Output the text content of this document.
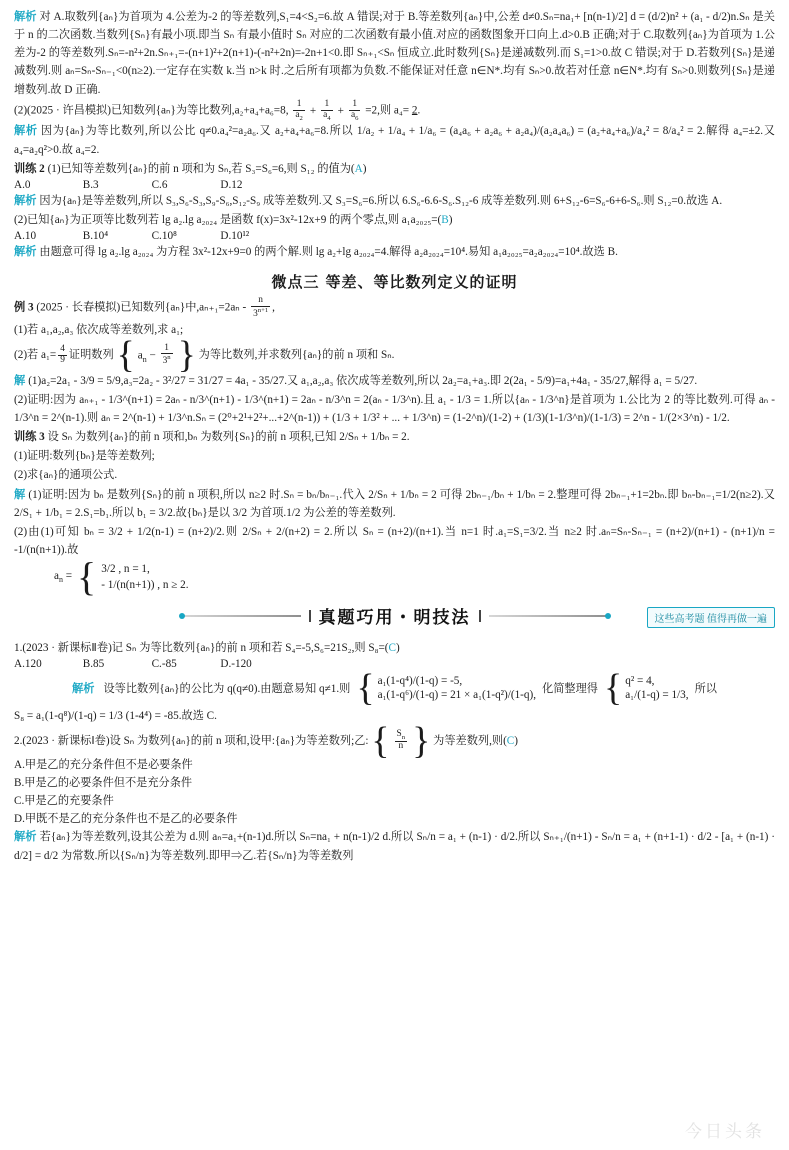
解析 对 A.取数列{aₙ}为首项为 4.公差为-2 的等差数列,S₁=4<S₂=6.故 A 错误;对于 B.等差数列{aₙ}中,公差 d≠0.Sₙ=na₁+ [n(n-1)/2] d = (d/2)n² + (a₁ - d/2)n.Sₙ 是关于 n 的二次函数.当数列{Sₙ}有最小项.即当 Sₙ 有最小值时 Sₙ 对应的二次函数有最小值.对应的函数图象开口向上.d>0.B 正确;对于 C.取数列{aₙ}为首项为 1.公差为-2 的等差数列.Sₙ=-n²+2n.Sₙ₊₁=-(n+1)²+2(n+1)-(-n²+2n)=-2n+1<0.即 Sₙ₊₁<Sₙ 恒成立.此时数列{Sₙ}是递减数列.而 S₁=1>0.故 C 错误;对于 D.若数列{Sₙ}是递减数列.则 aₙ=Sₙ-Sₙ₋₁<0(n≥2).一定存在实数 k.当 n>k 时.之后所有项都为负数.不能保证对任意 n∈N*.均有 Sₙ>0.故若对任意 n∈N*.均有 Sₙ>0.则数列{Sₙ}是递增数列.故 D 正确.
(2)(2025 · 许昌模拟)已知数列{aₙ}为等比数列,a₂+a₄+a₆=8, $\frac{1}{a_2} + \frac{1}{a_4} + \frac{1}{a_6} =2$,则 a₄= 2.
解析 因为{aₙ}为等比数列,所以公比 q≠0.a₄²=a₂a₆.又 a₂+a₄+a₆=8.所以 1/a₂ + 1/a₄ + 1/a₆ = (a₄a₆ + a₂a₆ + a₂a₄)/(a₂a₄a₆) = (a₂+a₄+a₆)/a₄² = 8/a₄² = 2.解得 a₄=±2.又 a₄=a₂q²>0.故 a₄=2.
训练 2 (1)已知等差数列{aₙ}的前 n 项和为 Sₙ,若 S₃=S₆=6,则 S₁₂ 的值为(A)
A.0	B.3	C.6	D.12
解析 因为{aₙ}是等差数列,所以 S₃,S₆-S₃,S₉-S₆,S₁₂-S₉ 成等差数列.又 S₃=S₆=6.所以 6.S₆-6.6-S₆.S₁₂-6 成等差数列.则 6+S₁₂-6=S₆-6+6-S₆.则 S₁₂=0.故选 A.
(2)已知{aₙ}为正项等比数列若 lg a₂.lg a₂₀₂₄ 是函数 f(x)=3x²-12x+9 的两个零点,则 a₁a₂₀₂₅=(B)
A.10	B.10⁴	C.10⁸	D.10¹²
解析 由题意可得 lg a₂.lg a₂₀₂₄ 为方程 3x²-12x+9=0 的两个解.则 lg a₂+lg a₂₀₂₄=4.解得 a₂a₂₀₂₄=10⁴.易知 a₁a₂₀₂₅=a₂a₂₀₂₄=10⁴.故选 B.
微点三 等差、等比数列定义的证明
例 3 (2025 · 长春模拟)已知数列{aₙ}中$,a_{n+1}=2a_n - \frac{n}{3^{n+1}}$ ,
(1)若 a₁,a₂,a₃ 依次成等差数列,求 a₁;
(2)若 $a_1= \frac{4}{9}$ 证明数列 { $a_n - \frac{1}{3^n}$ } 为等比数列,并求数列{aₙ}的前 n 项和 Sₙ.
解 (1)a₂=2a₁ - 3/9 = 5/9,a₃=2a₂ - 3²/27 = 31/27 = 4a₁ - 35/27.又 a₁,a₂,a₃ 依次成等差数列,所以 2a₂=a₁+a₃.即 2(2a₁ - 5/9)=a₁+4a₁ - 35/27,解得 a₁ = 5/27.
(2)证明:因为 aₙ₊₁ - 1/3^(n+1) = 2aₙ - n/3^(n+1) - 1/3^(n+1) = 2aₙ - n/3^n = 2(aₙ - 1/3^n).且 a₁ - 1/3 = 1.所以{aₙ - 1/3^n}是首项为 1.公比为 2 的等比数列.可得 aₙ - 1/3^n = 2^(n-1).则 aₙ = 2^(n-1) + 1/3^n.Sₙ = (2⁰+2¹+2²+...+2^(n-1)) + (1/3 + 1/3² + ... + 1/3^n) = (1-2^n)/(1-2) + (1/3)(1-1/3^n)/(1-1/3) = 2^n - 1/(2×3^n) - 1/2.
训练 3 设 Sₙ 为数列{aₙ}的前 n 项和,bₙ 为数列{Sₙ}的前 n 项积,已知 2/Sₙ + 1/bₙ = 2.
(1)证明:数列{bₙ}是等差数列;
(2)求{aₙ}的通项公式.
解 (1)证明:因为 bₙ 是数列{Sₙ}的前 n 项积,所以 n≥2 时.Sₙ = bₙ/bₙ₋₁.代入 2/Sₙ + 1/bₙ = 2 可得 2bₙ₋₁/bₙ + 1/bₙ = 2.整理可得 2bₙ₋₁+1=2bₙ.即 bₙ-bₙ₋₁=1/2(n≥2).又 2/S₁ + 1/b₁ = 2.S₁=b₁.所以 b₁ = 3/2.故{bₙ}是以 3/2 为首项.1/2 为公差的等差数列.
(2)由(1)可知 bₙ = 3/2 + 1/2(n-1) = (n+2)/2.则 2/Sₙ + 2/(n+2) = 2.所以 Sₙ = (n+2)/(n+1).当 n=1 时.a₁=S₁=3/2.当 n≥2 时.aₙ=Sₙ-Sₙ₋₁ = (n+2)/(n+1) - (n+1)/n = -1/(n(n+1)).故
$a_n$ = { 3/2 , n = 1,
- 1/(n(n+1)) , n ≥ 2.
真题巧用・明技法	这些高考题 值得再做一遍
1.(2023 · 新课标Ⅱ卷)记 Sₙ 为等比数列{aₙ}的前 n 项和若 S₄=-5,S₆=21S₂,则 S₈=(C)
A.120	B.85	C.-85	D.-120
解析 设等比数列{aₙ}的公比为 q(q≠0).由题意易知 q≠1.则 { a₁(1-q⁴)/(1-q) = -5,
a₁(1-q⁶)/(1-q) = 21 × a₁(1-q²)/(1-q), 化简整理得 { q² = 4,
a₁/(1-q) = 1/3, 所以
S₈ = a₁(1-q⁸)/(1-q) = 1/3 (1-4⁴) = -85.故选 C.
2.(2023 · 新课标Ⅰ卷)设 Sₙ 为数列{aₙ}的前 n 项和,设甲:{aₙ}为等差数列;乙: { $\frac{S_n}{n}$ } 为等差数列,则(C)
A.甲是乙的充分条件但不是必要条件
B.甲是乙的必要条件但不是充分条件
C.甲是乙的充要条件
D.甲既不是乙的充分条件也不是乙的必要条件
解析 若{aₙ}为等差数列,设其公差为 d.则 aₙ=a₁+(n-1)d.所以 Sₙ=na₁ + n(n-1)/2 d.所以 Sₙ/n = a₁ + (n-1) · d/2.所以 Sₙ₊₁/(n+1) - Sₙ/n = a₁ + (n+1-1) · d/2 - [a₁ + (n-1) · d/2] = d/2 为常数.所以{Sₙ/n}为等差数列.即甲⇒乙.若{Sₙ/n}为等差数列
今日头条
